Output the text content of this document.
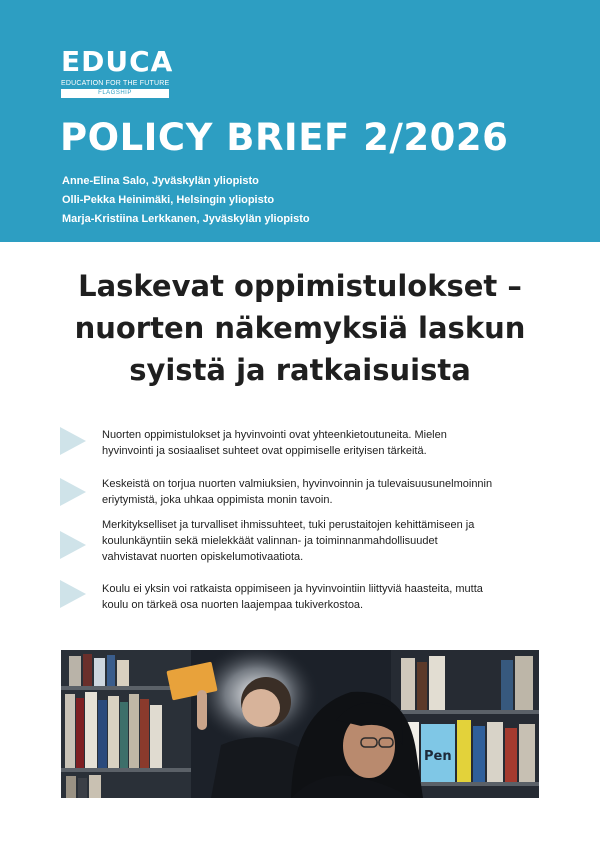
EDUCA
EDUCATION FOR THE FUTURE
FLAGSHIP
POLICY BRIEF 2/2026
Anne-Elina Salo, Jyväskylän yliopisto
Olli-Pekka Heinimäki, Helsingin yliopisto
Marja-Kristiina Lerkkanen, Jyväskylän yliopisto
Laskevat oppimistulokset –
nuorten näkemyksiä laskun
syistä ja ratkaisuista
Nuorten oppimistulokset ja hyvinvointi ovat yhteenkietoutuneita. Mielen
hyvinvointi ja sosiaaliset suhteet ovat oppimiselle erityisen tärkeitä.
Keskeistä on torjua nuorten valmiuksien, hyvinvoinnin ja tulevaisuusunelmoinnin
eriytymistä, joka uhkaa oppimista monin tavoin.
Merkitykselliset ja turvalliset ihmissuhteet, tuki perustaitojen kehittämiseen ja
koulunkäyntiin sekä mielekkäät valinnan- ja toiminnanmahdollisuudet
vahvistavat nuorten opiskelumotivaatiota.
Koulu ei yksin voi ratkaista oppimiseen ja hyvinvointiin liittyviä haasteita, mutta
koulu on tärkeä osa nuorten laajempaa tukiverkostoa.
Pen
